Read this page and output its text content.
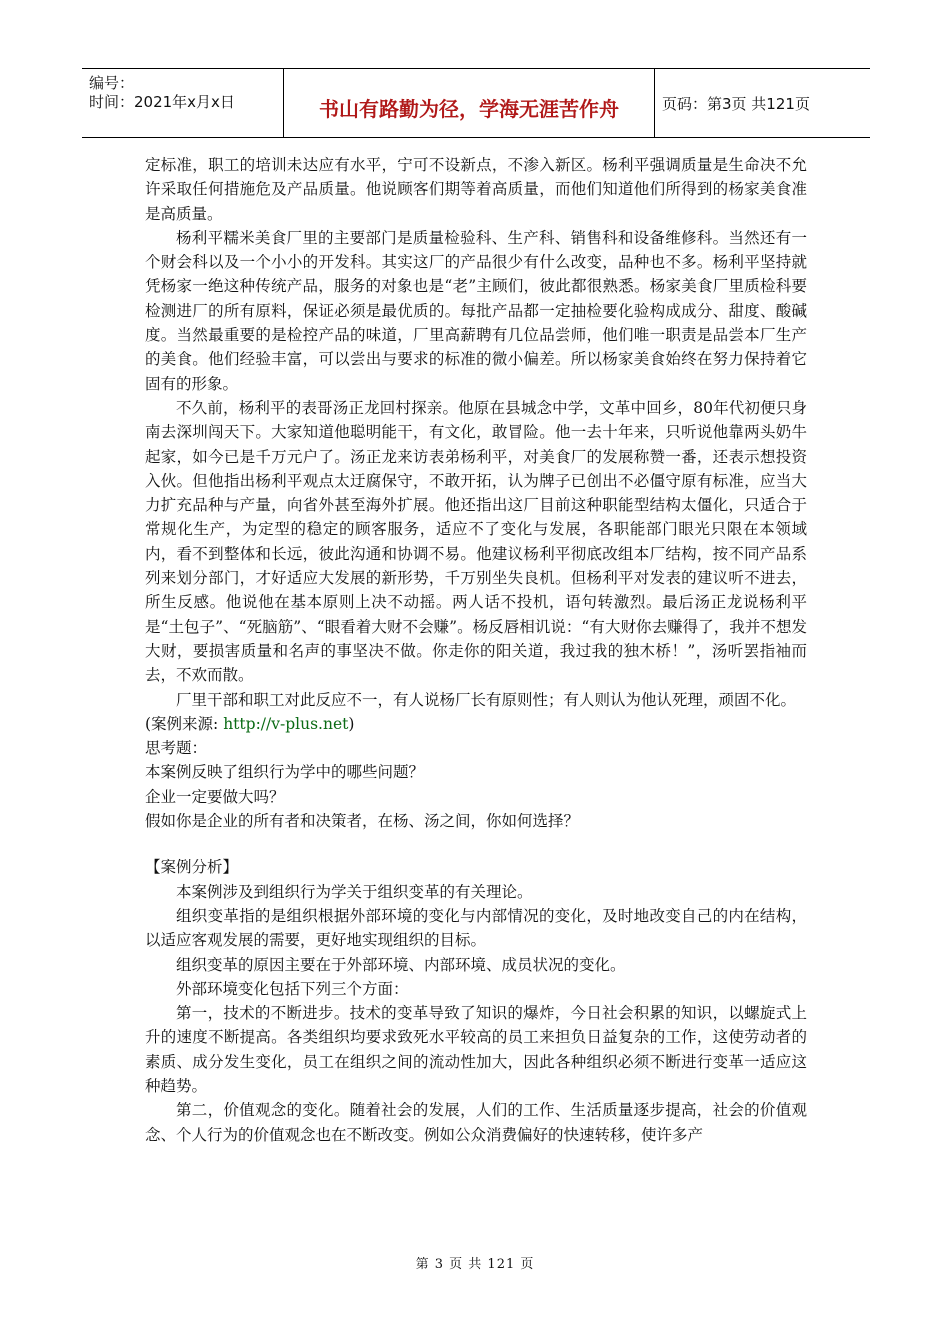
编号：
时间：2021年x月x日	书山有路勤为径，学海无涯苦作舟	页码：第3页 共121页

定标准，职工的培训未达应有水平，宁可不设新点，不渗入新区。杨利平强调质量是生命决不允许采取任何措施危及产品质量。他说顾客们期等着高质量，而他们知道他们所得到的杨家美食准是高质量。

杨利平糯米美食厂里的主要部门是质量检验科、生产科、销售科和设备维修科。当然还有一个财会科以及一个小小的开发科。其实这厂的产品很少有什么改变，品种也不多。杨利平坚持就凭杨家一绝这种传统产品，服务的对象也是“老”主顾们，彼此都很熟悉。杨家美食厂里质检科要检测进厂的所有原料，保证必须是最优质的。每批产品都一定抽检要化验构成成分、甜度、酸碱度。当然最重要的是检控产品的味道，厂里高薪聘有几位品尝师，他们唯一职责是品尝本厂生产的美食。他们经验丰富，可以尝出与要求的标准的微小偏差。所以杨家美食始终在努力保持着它固有的形象。

不久前，杨利平的表哥汤正龙回村探亲。他原在县城念中学，文革中回乡，80年代初便只身南去深圳闯天下。大家知道他聪明能干，有文化，敢冒险。他一去十年来，只听说他靠两头奶牛起家，如今已是千万元户了。汤正龙来访表弟杨利平，对美食厂的发展称赞一番，还表示想投资入伙。但他指出杨利平观点太迂腐保守，不敢开拓，认为牌子已创出不必僵守原有标准，应当大力扩充品种与产量，向省外甚至海外扩展。他还指出这厂目前这种职能型结构太僵化，只适合于常规化生产，为定型的稳定的顾客服务，适应不了变化与发展，各职能部门眼光只限在本领域内，看不到整体和长远，彼此沟通和协调不易。他建议杨利平彻底改组本厂结构，按不同产品系列来划分部门，才好适应大发展的新形势，千万别坐失良机。但杨利平对发表的建议听不进去，所生反感。他说他在基本原则上决不动摇。两人话不投机，语句转激烈。最后汤正龙说杨利平是“土包子”、“死脑筋”、“眼看着大财不会赚”。杨反唇相讥说：“有大财你去赚得了，我并不想发大财，要损害质量和名声的事坚决不做。你走你的阳关道，我过我的独木桥！”，汤听罢指袖而去，不欢而散。

厂里干部和职工对此反应不一，有人说杨厂长有原则性；有人则认为他认死理，顽固不化。

(案例来源: http://v-plus.net)

思考题：

本案例反映了组织行为学中的哪些问题？

企业一定要做大吗？

假如你是企业的所有者和决策者，在杨、汤之间，你如何选择？

【案例分析】

本案例涉及到组织行为学关于组织变革的有关理论。

组织变革指的是组织根据外部环境的变化与内部情况的变化，及时地改变自己的内在结构，以适应客观发展的需要，更好地实现组织的目标。

组织变革的原因主要在于外部环境、内部环境、成员状况的变化。

外部环境变化包括下列三个方面：

第一，技术的不断进步。技术的变革导致了知识的爆炸，今日社会积累的知识，以螺旋式上升的速度不断提高。各类组织均要求致死水平较高的员工来担负日益复杂的工作，这使劳动者的素质、成分发生变化，员工在组织之间的流动性加大，因此各种组织必须不断进行变革一适应这种趋势。

第二，价值观念的变化。随着社会的发展，人们的工作、生活质量逐步提高，社会的价值观念、个人行为的价值观念也在不断改变。例如公众消费偏好的快速转移，使许多产

第 3 页 共 121 页
